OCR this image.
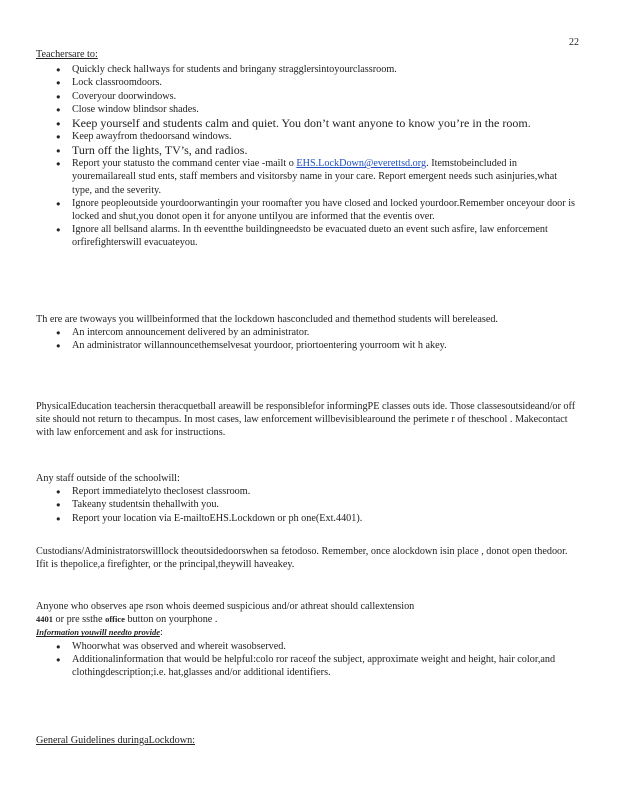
22

Teachersare to:

● Quickly check hallways for students and bringany stragglersintoyourclassroom.
● Lock classroomdoors.
● Coveryour doorwindows.
● Close window blindsor shades.
● Keep yourself and students calm and quiet. You don’t want anyone to know you’re in the room.
● Keep awayfrom thedoorsand windows.
● Turn off the lights, TV’s, and radios.
● Report your statusto the command center viae -mailt o EHS.LockDown@everettsd.org. Itemstobeincluded in youremailareall stud ents, staff members and visitorsby name in your care. Report emergent needs such asinjuries,what type, and the severity.
● Ignore peopleoutside yourdoorwantingin your roomafter you have closed and locked yourdoor.Remember onceyour door is locked and shut,you donot open it for anyone untilyou are informed that the eventis over.
● Ignore all bellsand alarms. In th eeventthe buildingneedsto be evacuated dueto an event such asfire, law enforcement orfirefighterswill evacuateyou.

Th ere are twoways you willbeinformed that the lockdown hasconcluded and themethod students will bereleased.

● An intercom announcement delivered by an administrator.
● An administrator willannouncethemselvesat yourdoor, priortoentering yourroom wit h akey.

PhysicalEducation teachersin theracquetball areawill be responsiblefor informingPE classes outs ide. Those classesoutsideand/or off site should not return to thecampus. In most cases, law enforcement willbevisiblearound the perimete r of theschool . Makecontact with law enforcement and ask for instructions.

Any staff outside of the schoolwill:

● Report immediatelyto theclosest classroom.
● Takeany studentsin thehallwith you.
● Report your location via E-mailtoEHS.Lockdown or ph one(Ext.4401).

Custodians/Administratorswilllock theoutsidedoorswhen sa fetodoso. Remember, once alockdown isin place , donot open thedoor. Ifit is thepolice,a firefighter, or the principal,theywill haveakey.

Anyone who observes ape rson whois deemed suspicious and/or athreat should callextension
4401 or pre ssthe office button on yourphone .

Information youwill needto provide:

● Whoorwhat was observed and whereit wasobserved.
● Additionalinformation that would be helpful:colo ror raceof the subject, approximate weight and height, hair color,and clothingdescription;i.e. hat,glasses and/or additional identifiers.

General Guidelines duringaLockdown:
